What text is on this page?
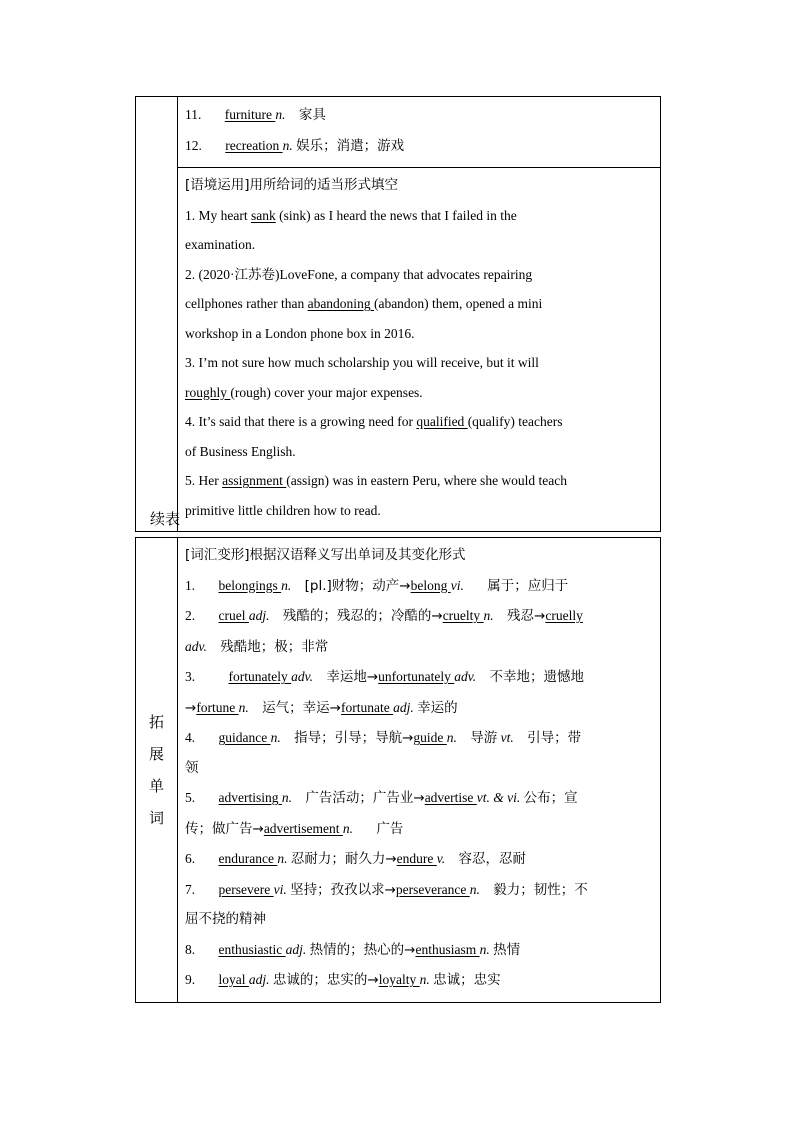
11. furniture n. 家具
12. recreation n. 娱乐；消遣；游戏

[语境运用]用所给词的适当形式填空
1. My heart sank (sink) as I heard the news that I failed in the
examination.
2. (2020·江苏卷)LoveFone, a company that advocates repairing
cellphones rather than abandoning (abandon) them, opened a mini
workshop in a London phone box in 2016.
3. I’m not sure how much scholarship you will receive, but it will
roughly (rough) cover your major expenses.
4. It’s said that there is a growing need for qualified (qualify) teachers
of Business English.
5. Her assignment (assign) was in eastern Peru, where she would teach
primitive little children how to read.
续表
拓
展
单
词

[词汇变形]根据汉语释义写出单词及其变化形式
1. belongings n. [pl.]财物；动产→belong vi. 属于；应归于
2. cruel adj. 残酷的；残忍的；冷酷的→cruelty n. 残忍→cruelly
adv. 残酷地；极；非常
3. fortunately adv. 幸运地→unfortunately adv. 不幸地；遗憾地
→fortune n. 运气；幸运→fortunate adj. 幸运的
4. guidance n. 指导；引导；导航→guide n. 导游 vt. 引导；带
领
5. advertising n. 广告活动；广告业→advertise vt. & vi. 公布；宣
传；做广告→advertisement n. 广告
6. endurance n. 忍耐力；耐久力→endure v. 容忍，忍耐
7. persevere vi. 坚持；孜孜以求→perseverance n. 毅力；韧性；不
屈不挠的精神
8. enthusiastic adj. 热情的；热心的→enthusiasm n. 热情
9. loyal adj. 忠诚的；忠实的→loyalty n. 忠诚；忠实
